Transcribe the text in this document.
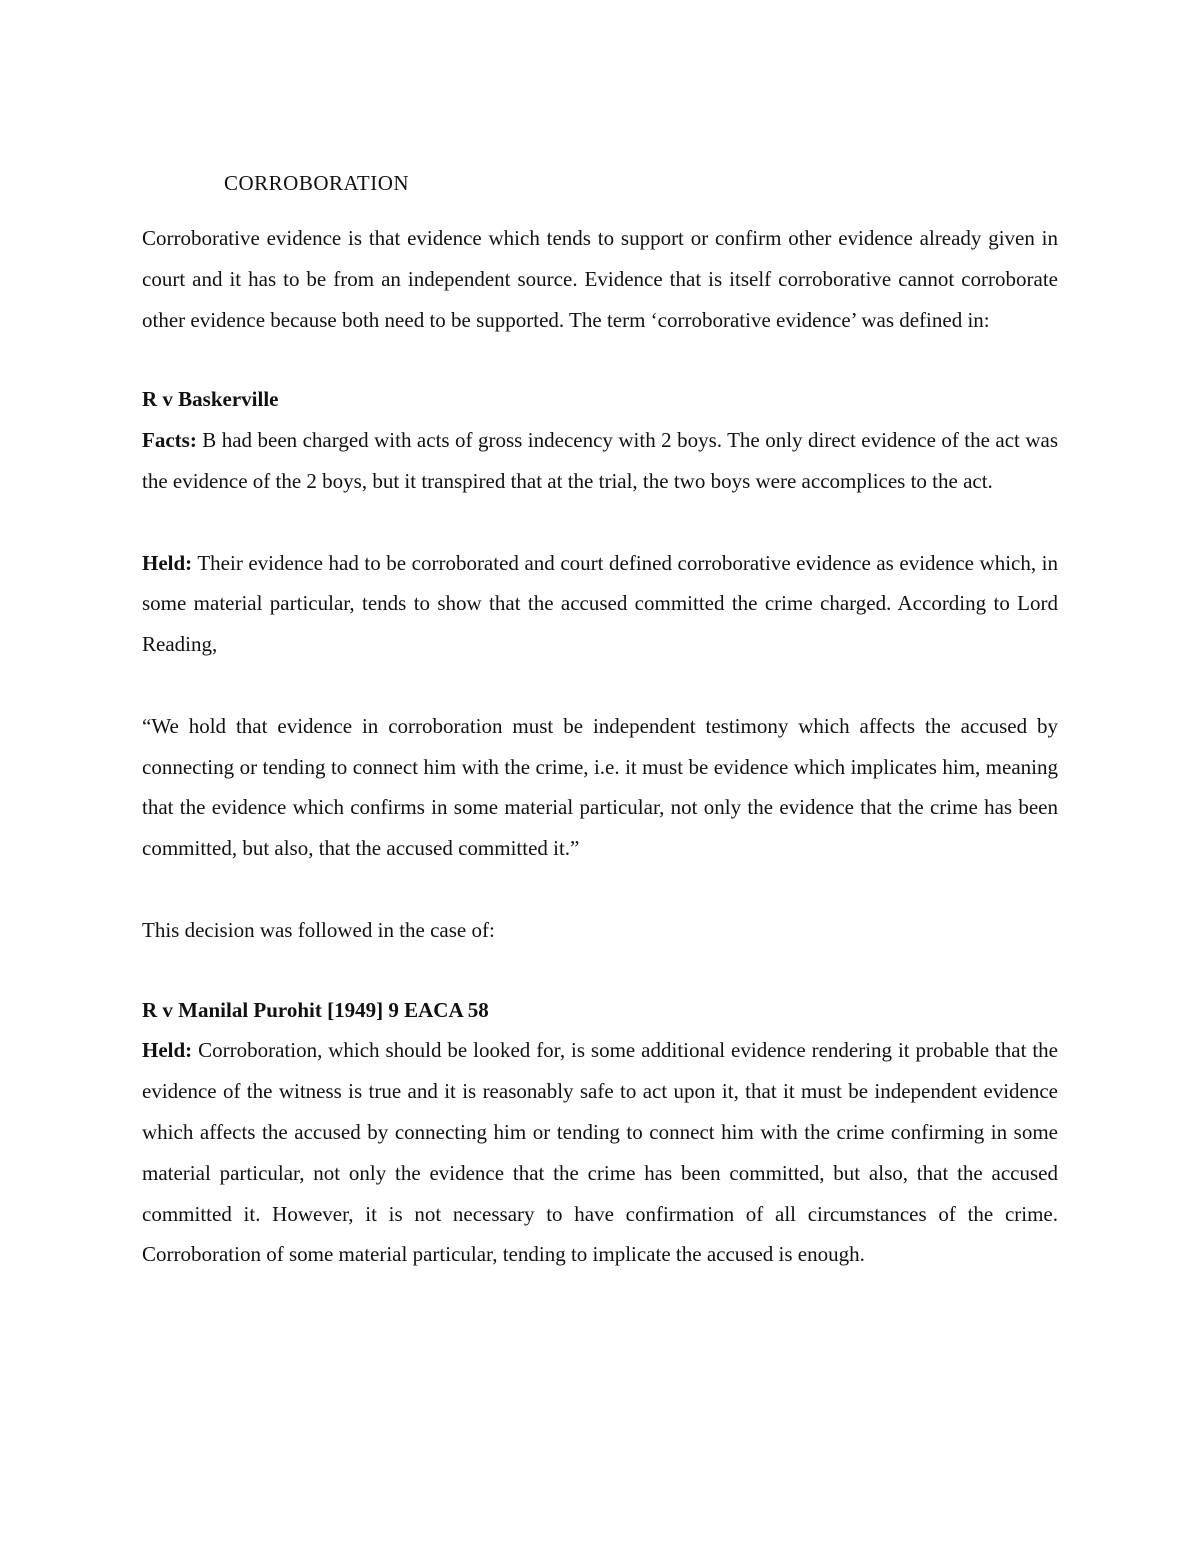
CORROBORATION

Corroborative evidence is that evidence which tends to support or confirm other evidence already given in court and it has to be from an independent source. Evidence that is itself corroborative cannot corroborate other evidence because both need to be supported. The term ‘corroborative evidence’ was defined in:

R v Baskerville

Facts: B had been charged with acts of gross indecency with 2 boys. The only direct evidence of the act was the evidence of the 2 boys, but it transpired that at the trial, the two boys were accomplices to the act.

Held: Their evidence had to be corroborated and court defined corroborative evidence as evidence which, in some material particular, tends to show that the accused committed the crime charged. According to Lord Reading,

“We hold that evidence in corroboration must be independent testimony which affects the accused by connecting or tending to connect him with the crime, i.e. it must be evidence which implicates him, meaning that the evidence which confirms in some material particular, not only the evidence that the crime has been committed, but also, that the accused committed it.”

This decision was followed in the case of:

R v Manilal Purohit [1949] 9 EACA 58

Held: Corroboration, which should be looked for, is some additional evidence rendering it probable that the evidence of the witness is true and it is reasonably safe to act upon it, that it must be independent evidence which affects the accused by connecting him or tending to connect him with the crime confirming in some material particular, not only the evidence that the crime has been committed, but also, that the accused committed it. However, it is not necessary to have confirmation of all circumstances of the crime. Corroboration of some material particular, tending to implicate the accused is enough.
